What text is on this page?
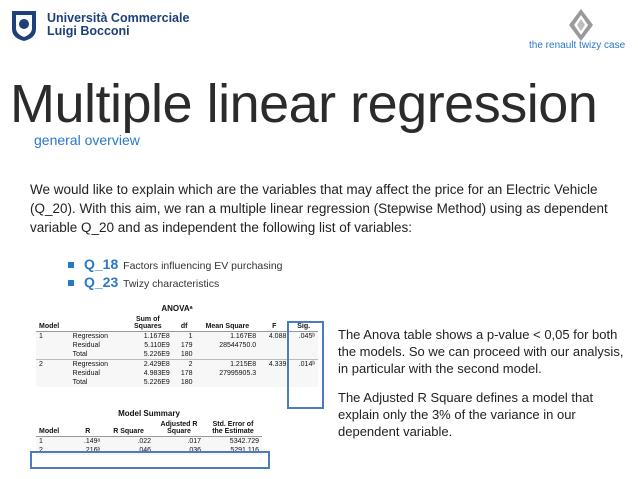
Università Commerciale
Luigi Bocconi
the renault twizy case
Multiple linear regression
general overview
We would like to explain which are the variables that may affect the price for an Electric Vehicle (Q_20). With this aim, we ran a multiple linear regression (Stepwise Method) using as dependent variable Q_20 and as independent the following list of variables:
Q_18 Factors influencing EV purchasing
Q_23 Twizy characteristics
ANOVAᵃ
Model		Sum of Squares	df	Mean Square	F	Sig.
1	Regression	1.167E8	1	1.167E8	4.088	.045ᵇ
	Residual	5.110E9	179	28544750.0		
	Total	5.226E9	180			
2	Regression	2.429E8	2	1.215E8	4.339	.014ᵇ
	Residual	4.983E9	178	27995905.3		
	Total	5.226E9	180			
Model Summary
Model	R	R Square	Adjusted R Square	Std. Error of the Estimate
1	.149ᵃ	.022	.017	5342.729
2	.216ᵇ	.046	.036	5291.116

The Anova table shows a p-value < 0,05 for both the models. So we can proceed with our analysis, in particular with the second model.

The Adjusted R Square defines a model that explain only the 3% of the variance in our dependent variable.
